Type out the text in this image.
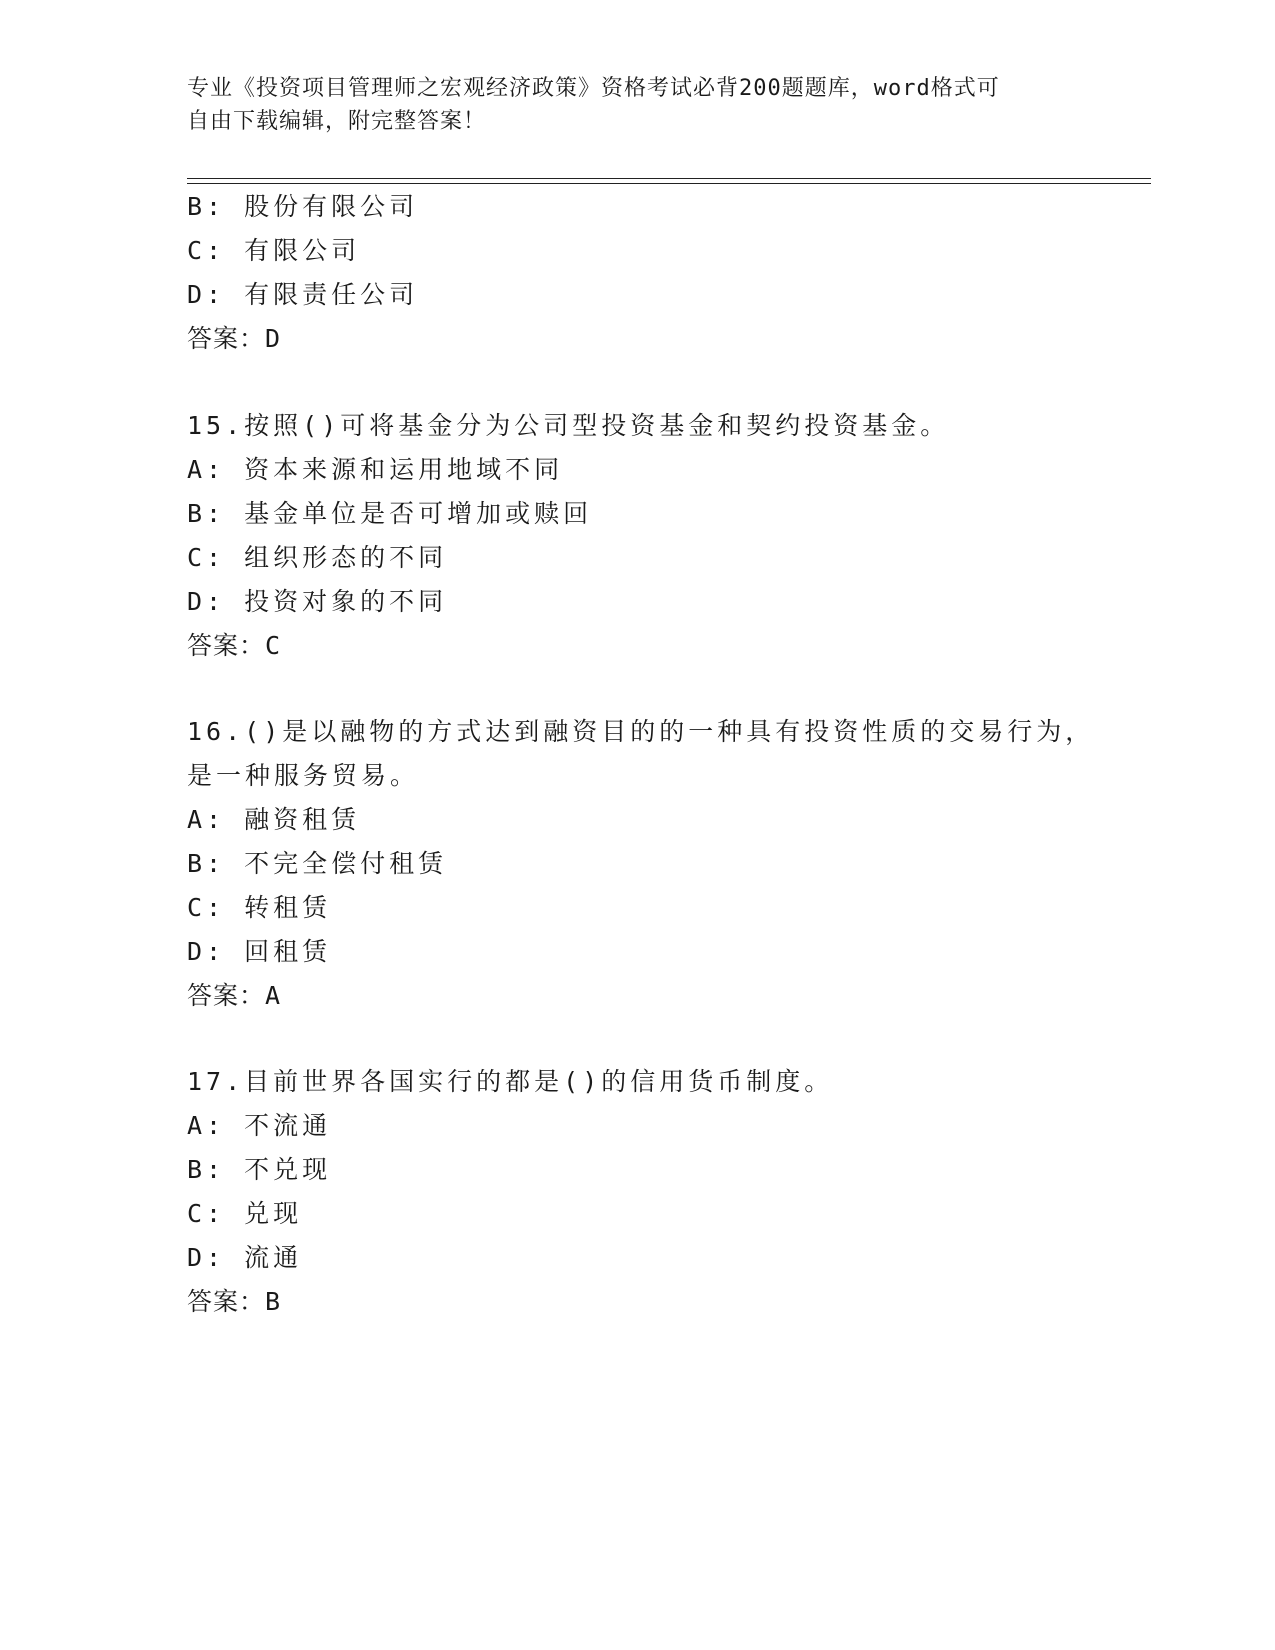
专业《投资项目管理师之宏观经济政策》资格考试必背200题题库，word格式可
自由下载编辑，附完整答案！
B: 股份有限公司
C: 有限公司
D: 有限责任公司
答案：D
15.按照()可将基金分为公司型投资基金和契约投资基金。
A: 资本来源和运用地域不同
B: 基金单位是否可增加或赎回
C: 组织形态的不同
D: 投资对象的不同
答案：C
16.()是以融物的方式达到融资目的的一种具有投资性质的交易行为，
是一种服务贸易。
A: 融资租赁
B: 不完全偿付租赁
C: 转租赁
D: 回租赁
答案：A
17.目前世界各国实行的都是()的信用货币制度。
A: 不流通
B: 不兑现
C: 兑现
D: 流通
答案：B
